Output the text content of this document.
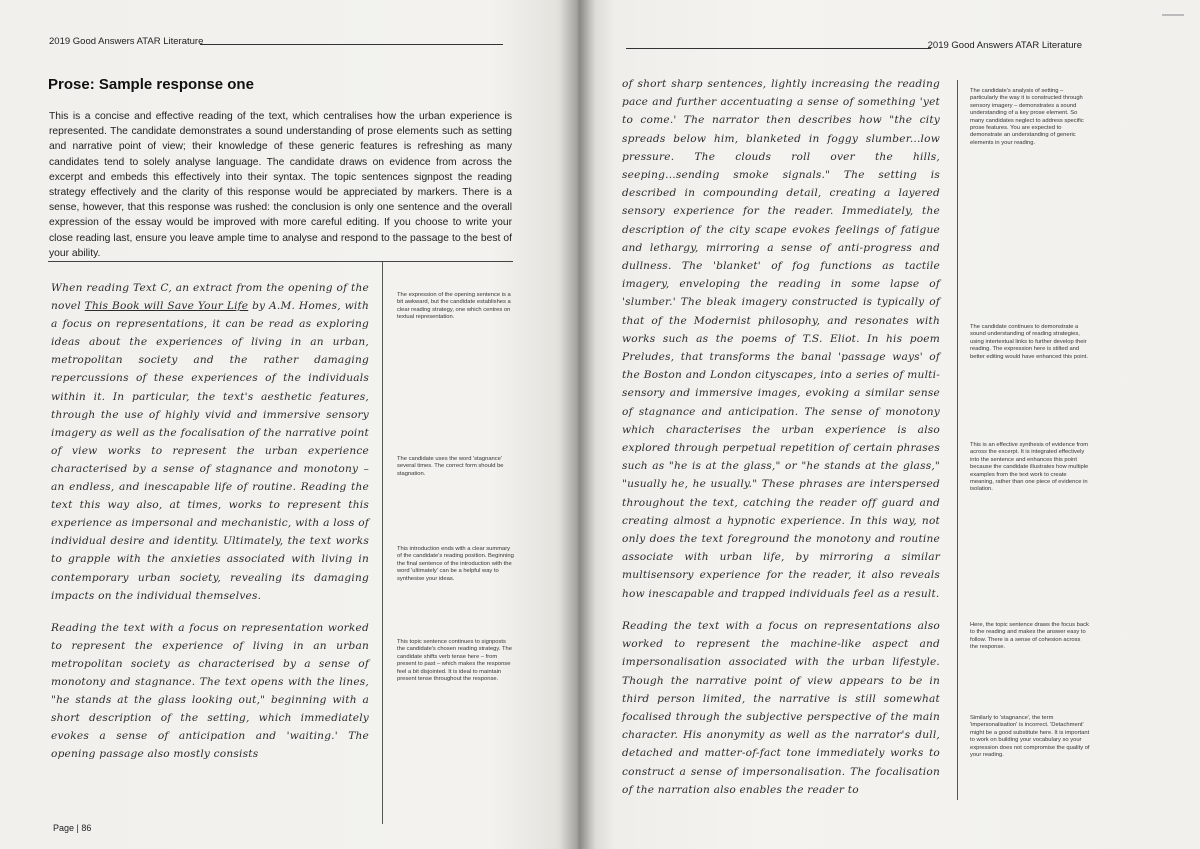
2019 Good Answers ATAR Literature
Prose: Sample response one

This is a concise and effective reading of the text, which centralises how the urban experience is represented. The candidate demonstrates a sound understanding of prose elements such as setting and narrative point of view; their knowledge of these generic features is refreshing as many candidates tend to solely analyse language. The candidate draws on evidence from across the excerpt and embeds this effectively into their syntax. The topic sentences signpost the reading strategy effectively and the clarity of this response would be appreciated by markers. There is a sense, however, that this response was rushed: the conclusion is only one sentence and the overall expression of the essay would be improved with more careful editing. If you choose to write your close reading last, ensure you leave ample time to analyse and respond to the passage to the best of your ability.

When reading Text C, an extract from the opening of the novel This Book will Save Your Life by A.M. Homes, with a focus on representations, it can be read as exploring ideas about the experiences of living in an urban, metropolitan society and the rather damaging repercussions of these experiences of the individuals within it. In particular, the text's aesthetic features, through the use of highly vivid and immersive sensory imagery as well as the focalisation of the narrative point of view works to represent the urban experience characterised by a sense of stagnance and monotony – an endless, and inescapable life of routine. Reading the text this way also, at times, works to represent this experience as impersonal and mechanistic, with a loss of individual desire and identity. Ultimately, the text works to grapple with the anxieties associated with living in contemporary urban society, revealing its damaging impacts on the individual themselves.

Reading the text with a focus on representation worked to represent the experience of living in an urban metropolitan society as characterised by a sense of monotony and stagnance. The text opens with the lines, "he stands at the glass looking out," beginning with a short description of the setting, which immediately evokes a sense of anticipation and 'waiting.' The opening passage also mostly consists

The expression of the opening sentence is a bit awkward, but the candidate establishes a clear reading strategy, one which centres on textual representation.

The candidate uses the word 'stagnance' several times. The correct form should be stagnation.

This introduction ends with a clear summary of the candidate's reading position. Beginning the final sentence of the introduction with the word 'ultimately' can be a helpful way to synthesise your ideas.

This topic sentence continues to signposts the candidate's chosen reading strategy. The candidate shifts verb tense here – from present to past – which makes the response feel a bit disjointed. It is ideal to maintain present tense throughout the response.

Page | 86
2019 Good Answers ATAR Literature

of short sharp sentences, lightly increasing the reading pace and further accentuating a sense of something 'yet to come.' The narrator then describes how "the city spreads below him, blanketed in foggy slumber...low pressure. The clouds roll over the hills, seeping...sending smoke signals." The setting is described in compounding detail, creating a layered sensory experience for the reader. Immediately, the description of the city scape evokes feelings of fatigue and lethargy, mirroring a sense of anti-progress and dullness. The 'blanket' of fog functions as tactile imagery, enveloping the reading in some lapse of 'slumber.' The bleak imagery constructed is typically of that of the Modernist philosophy, and resonates with works such as the poems of T.S. Eliot. In his poem Preludes, that transforms the banal 'passage ways' of the Boston and London cityscapes, into a series of multi-sensory and immersive images, evoking a similar sense of stagnance and anticipation. The sense of monotony which characterises the urban experience is also explored through perpetual repetition of certain phrases such as "he is at the glass," or "he stands at the glass," "usually he, he usually." These phrases are interspersed throughout the text, catching the reader off guard and creating almost a hypnotic experience. In this way, not only does the text foreground the monotony and routine associate with urban life, by mirroring a similar multisensory experience for the reader, it also reveals how inescapable and trapped individuals feel as a result.

Reading the text with a focus on representations also worked to represent the machine-like aspect and impersonalisation associated with the urban lifestyle. Though the narrative point of view appears to be in third person limited, the narrative is still somewhat focalised through the subjective perspective of the main character. His anonymity as well as the narrator's dull, detached and matter-of-fact tone immediately works to construct a sense of impersonalisation. The focalisation of the narration also enables the reader to

The candidate's analysis of setting – particularly the way it is constructed through sensory imagery – demonstrates a sound understanding of a key prose element. So many candidates neglect to address specific prose features. You are expected to demonstrate an understanding of generic elements in your reading.

The candidate continues to demonstrate a sound understanding of reading strategies, using intertextual links to further develop their reading. The expression here is stilted and better editing would have enhanced this point.

This is an effective synthesis of evidence from across the excerpt. It is integrated effectively into the sentence and enhances this point because the candidate illustrates how multiple examples from the text work to create meaning, rather than one piece of evidence in isolation.

Here, the topic sentence draws the focus back to the reading and makes the answer easy to follow. There is a sense of cohesion across the response.

Similarly to 'stagnance', the term 'impersonalisation' is incorrect. 'Detachment' might be a good substitute here. It is important to work on building your vocabulary so your expression does not compromise the quality of your reading.
